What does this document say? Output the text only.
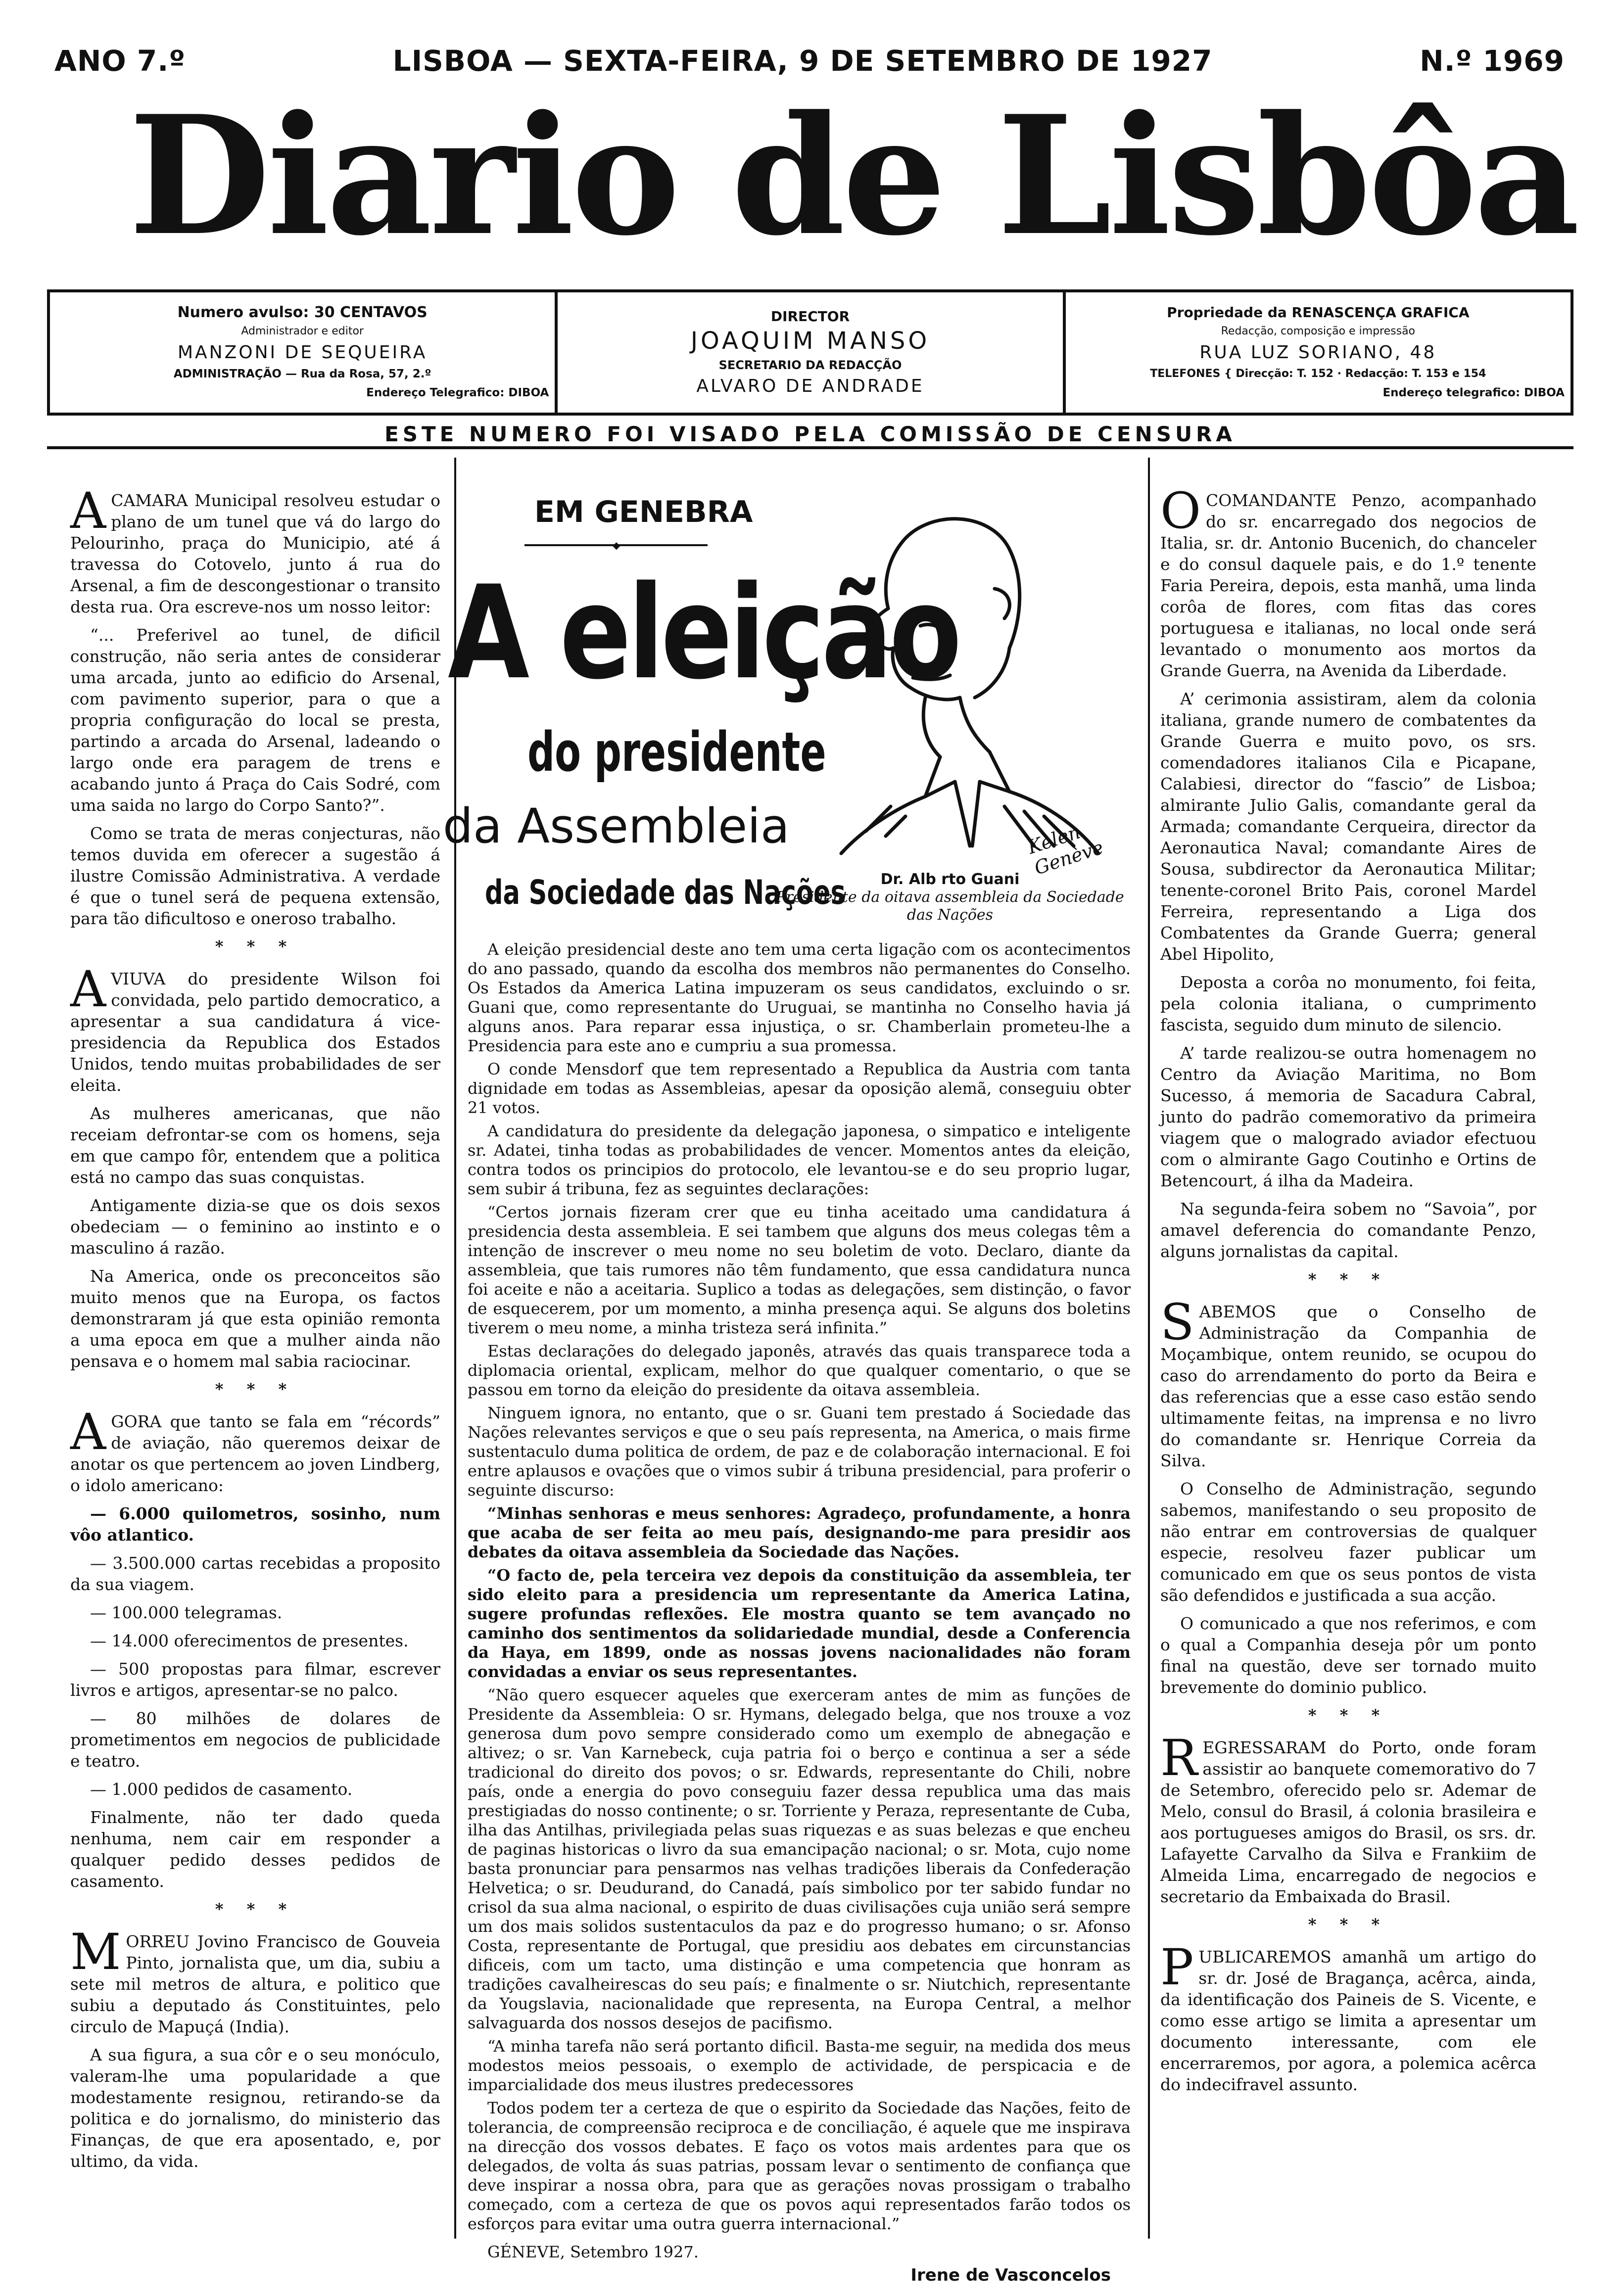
ANO 7.º	LISBOA — SEXTA-FEIRA, 9 DE SETEMBRO DE 1927	N.º 1969
Diario de Lisbôa
Numero avulso: 30 CENTAVOS
Administrador e editor
MANZONI DE SEQUEIRA
ADMINISTRAÇÃO — Rua da Rosa, 57, 2.º
Endereço Telegrafico: DIBOA
DIRECTOR
JOAQUIM MANSO
SECRETARIO DA REDACÇÃO
ALVARO DE ANDRADE
Propriedade da RENASCENÇA GRAFICA
Redacção, composição e impressão
RUA LUZ SORIANO, 48
TELEFONES { Direcção: T. 152 · Redacção: T. 153 e 154
Endereço telegrafico: DIBOA
ESTE NUMERO FOI VISADO PELA COMISSÃO DE CENSURA

ACAMARA Municipal resolveu estudar o plano de um tunel que vá do largo do Pelourinho, praça do Municipio, até á travessa do Cotovelo, junto á rua do Arsenal, a fim de descongestionar o transito desta rua. Ora escreve-nos um nosso leitor:

“... Preferivel ao tunel, de dificil construção, não seria antes de considerar uma arcada, junto ao edificio do Arsenal, com pavimento superior, para o que a propria configuração do local se presta, partindo a arcada do Arsenal, ladeando o largo onde era paragem de trens e acabando junto á Praça do Cais Sodré, com uma saida no largo do Corpo Santo?”.

Como se trata de meras conjecturas, não temos duvida em oferecer a sugestão á ilustre Comissão Administrativa. A verdade é que o tunel será de pequena extensão, para tão dificultoso e oneroso trabalho.

* * *

AVIUVA do presidente Wilson foi convidada, pelo partido democratico, a apresentar a sua candidatura á vice-presidencia da Republica dos Estados Unidos, tendo muitas probabilidades de ser eleita.

As mulheres americanas, que não receiam defrontar-se com os homens, seja em que campo fôr, entendem que a politica está no campo das suas conquistas.

Antigamente dizia-se que os dois sexos obedeciam — o feminino ao instinto e o masculino á razão.

Na America, onde os preconceitos são muito menos que na Europa, os factos demonstraram já que esta opinião remonta a uma epoca em que a mulher ainda não pensava e o homem mal sabia raciocinar.

* * *

AGORA que tanto se fala em “récords” de aviação, não queremos deixar de anotar os que pertencem ao joven Lindberg, o idolo americano:

— 6.000 quilometros, sosinho, num vôo atlantico.

— 3.500.000 cartas recebidas a proposito da sua viagem.

— 100.000 telegramas.

— 14.000 oferecimentos de presentes.

— 500 propostas para filmar, escrever livros e artigos, apresentar-se no palco.

— 80 milhões de dolares de prometimentos em negocios de publicidade e teatro.

— 1.000 pedidos de casamento.

Finalmente, não ter dado queda nenhuma, nem cair em responder a qualquer pedido desses pedidos de casamento.

* * *

MORREU Jovino Francisco de Gouveia Pinto, jornalista que, um dia, subiu a sete mil metros de altura, e politico que subiu a deputado ás Constituintes, pelo circulo de Mapuçá (India).

A sua figura, a sua côr e o seu monóculo, valeram-lhe uma popularidade a que modestamente resignou, retirando-se da politica e do jornalismo, do ministerio das Finanças, de que era aposentado, e, por ultimo, da vida.

EM GENEBRA
◆
A eleição
do presidente
da Assembleia
da Sociedade das Nações
Kelen Genève
Dr. Alb rto Guani
Presidente da oitava assembleia da Sociedade das Nações

A eleição presidencial deste ano tem uma certa ligação com os acontecimentos do ano passado, quando da escolha dos membros não permanentes do Conselho. Os Estados da America Latina impuzeram os seus candidatos, excluindo o sr. Guani que, como representante do Uruguai, se mantinha no Conselho havia já alguns anos. Para reparar essa injustiça, o sr. Chamberlain prometeu-lhe a Presidencia para este ano e cumpriu a sua promessa.

O conde Mensdorf que tem representado a Republica da Austria com tanta dignidade em todas as Assembleias, apesar da oposição alemã, conseguiu obter 21 votos.

A candidatura do presidente da delegação japonesa, o simpatico e inteligente sr. Adatei, tinha todas as probabilidades de vencer. Momentos antes da eleição, contra todos os principios do protocolo, ele levantou-se e do seu proprio lugar, sem subir á tribuna, fez as seguintes declarações:

“Certos jornais fizeram crer que eu tinha aceitado uma candidatura á presidencia desta assembleia. E sei tambem que alguns dos meus colegas têm a intenção de inscrever o meu nome no seu boletim de voto. Declaro, diante da assembleia, que tais rumores não têm fundamento, que essa candidatura nunca foi aceite e não a aceitaria. Suplico a todas as delegações, sem distinção, o favor de esquecerem, por um momento, a minha presença aqui. Se alguns dos boletins tiverem o meu nome, a minha tristeza será infinita.”

Estas declarações do delegado japonês, através das quais transparece toda a diplomacia oriental, explicam, melhor do que qualquer comentario, o que se passou em torno da eleição do presidente da oitava assembleia.

Ninguem ignora, no entanto, que o sr. Guani tem prestado á Sociedade das Nações relevantes serviços e que o seu país representa, na America, o mais firme sustentaculo duma politica de ordem, de paz e de colaboração internacional. E foi entre aplausos e ovações que o vimos subir á tribuna presidencial, para proferir o seguinte discurso:

“Minhas senhoras e meus senhores: Agradeço, profundamente, a honra que acaba de ser feita ao meu país, designando-me para presidir aos debates da oitava assembleia da Sociedade das Nações.

“O facto de, pela terceira vez depois da constituição da assembleia, ter sido eleito para a presidencia um representante da America Latina, sugere profundas reflexões. Ele mostra quanto se tem avançado no caminho dos sentimentos da solidariedade mundial, desde a Conferencia da Haya, em 1899, onde as nossas jovens nacionalidades não foram convidadas a enviar os seus representantes.

“Não quero esquecer aqueles que exerceram antes de mim as funções de Presidente da Assembleia: O sr. Hymans, delegado belga, que nos trouxe a voz generosa dum povo sempre considerado como um exemplo de abnegação e altivez; o sr. Van Karnebeck, cuja patria foi o berço e continua a ser a séde tradicional do direito dos povos; o sr. Edwards, representante do Chili, nobre país, onde a energia do povo conseguiu fazer dessa republica uma das mais prestigiadas do nosso continente; o sr. Torriente y Peraza, representante de Cuba, ilha das Antilhas, privilegiada pelas suas riquezas e as suas belezas e que encheu de paginas historicas o livro da sua emancipação nacional; o sr. Mota, cujo nome basta pronunciar para pensarmos nas velhas tradições liberais da Confederação Helvetica; o sr. Deudurand, do Canadá, país simbolico por ter sabido fundar no crisol da sua alma nacional, o espirito de duas civilisações cuja união será sempre um dos mais solidos sustentaculos da paz e do progresso humano; o sr. Afonso Costa, representante de Portugal, que presidiu aos debates em circunstancias dificeis, com um tacto, uma distinção e uma competencia que honram as tradições cavalheirescas do seu país; e finalmente o sr. Niutchich, representante da Yougslavia, nacionalidade que representa, na Europa Central, a melhor salvaguarda dos nossos desejos de pacifismo.

“A minha tarefa não será portanto dificil. Basta-me seguir, na medida dos meus modestos meios pessoais, o exemplo de actividade, de perspicacia e de imparcialidade dos meus ilustres predecessores

Todos podem ter a certeza de que o espirito da Sociedade das Nações, feito de tolerancia, de compreensão reciproca e de conciliação, é aquele que me inspirava na direcção dos vossos debates. E faço os votos mais ardentes para que os delegados, de volta ás suas patrias, possam levar o sentimento de confiança que deve inspirar a nossa obra, para que as gerações novas prossigam o trabalho começado, com a certeza de que os povos aqui representados farão todos os esforços para evitar uma outra guerra internacional.”

GÉNEVE, Setembro 1927.

Irene de Vasconcelos

OCOMANDANTE Penzo, acompanhado do sr. encarregado dos negocios de Italia, sr. dr. Antonio Bucenich, do chanceler e do consul daquele pais, e do 1.º tenente Faria Pereira, depois, esta manhã, uma linda corôa de flores, com fitas das cores portuguesa e italianas, no local onde será levantado o monumento aos mortos da Grande Guerra, na Avenida da Liberdade.

A’ cerimonia assistiram, alem da colonia italiana, grande numero de combatentes da Grande Guerra e muito povo, os srs. comendadores italianos Cila e Picapane, Calabiesi, director do “fascio” de Lisboa; almirante Julio Galis, comandante geral da Armada; comandante Cerqueira, director da Aeronautica Naval; comandante Aires de Sousa, subdirector da Aeronautica Militar; tenente-coronel Brito Pais, coronel Mardel Ferreira, representando a Liga dos Combatentes da Grande Guerra; general Abel Hipolito,

Deposta a corôa no monumento, foi feita, pela colonia italiana, o cumprimento fascista, seguido dum minuto de silencio.

A’ tarde realizou-se outra homenagem no Centro da Aviação Maritima, no Bom Sucesso, á memoria de Sacadura Cabral, junto do padrão comemorativo da primeira viagem que o malogrado aviador efectuou com o almirante Gago Coutinho e Ortins de Betencourt, á ilha da Madeira.

Na segunda-feira sobem no “Savoia”, por amavel deferencia do comandante Penzo, alguns jornalistas da capital.

* * *

SABEMOS que o Conselho de Administração da Companhia de Moçambique, ontem reunido, se ocupou do caso do arrendamento do porto da Beira e das referencias que a esse caso estão sendo ultimamente feitas, na imprensa e no livro do comandante sr. Henrique Correia da Silva.

O Conselho de Administração, segundo sabemos, manifestando o seu proposito de não entrar em controversias de qualquer especie, resolveu fazer publicar um comunicado em que os seus pontos de vista são defendidos e justificada a sua acção.

O comunicado a que nos referimos, e com o qual a Companhia deseja pôr um ponto final na questão, deve ser tornado muito brevemente do dominio publico.

* * *

REGRESSARAM do Porto, onde foram assistir ao banquete comemorativo do 7 de Setembro, oferecido pelo sr. Ademar de Melo, consul do Brasil, á colonia brasileira e aos portugueses amigos do Brasil, os srs. dr. Lafayette Carvalho da Silva e Frankiim de Almeida Lima, encarregado de negocios e secretario da Embaixada do Brasil.

* * *

PUBLICAREMOS amanhã um artigo do sr. dr. José de Bragança, acêrca, ainda, da identificação dos Paineis de S. Vicente, e como esse artigo se limita a apresentar um documento interessante, com ele encerraremos, por agora, a polemica acêrca do indecifravel assunto.
